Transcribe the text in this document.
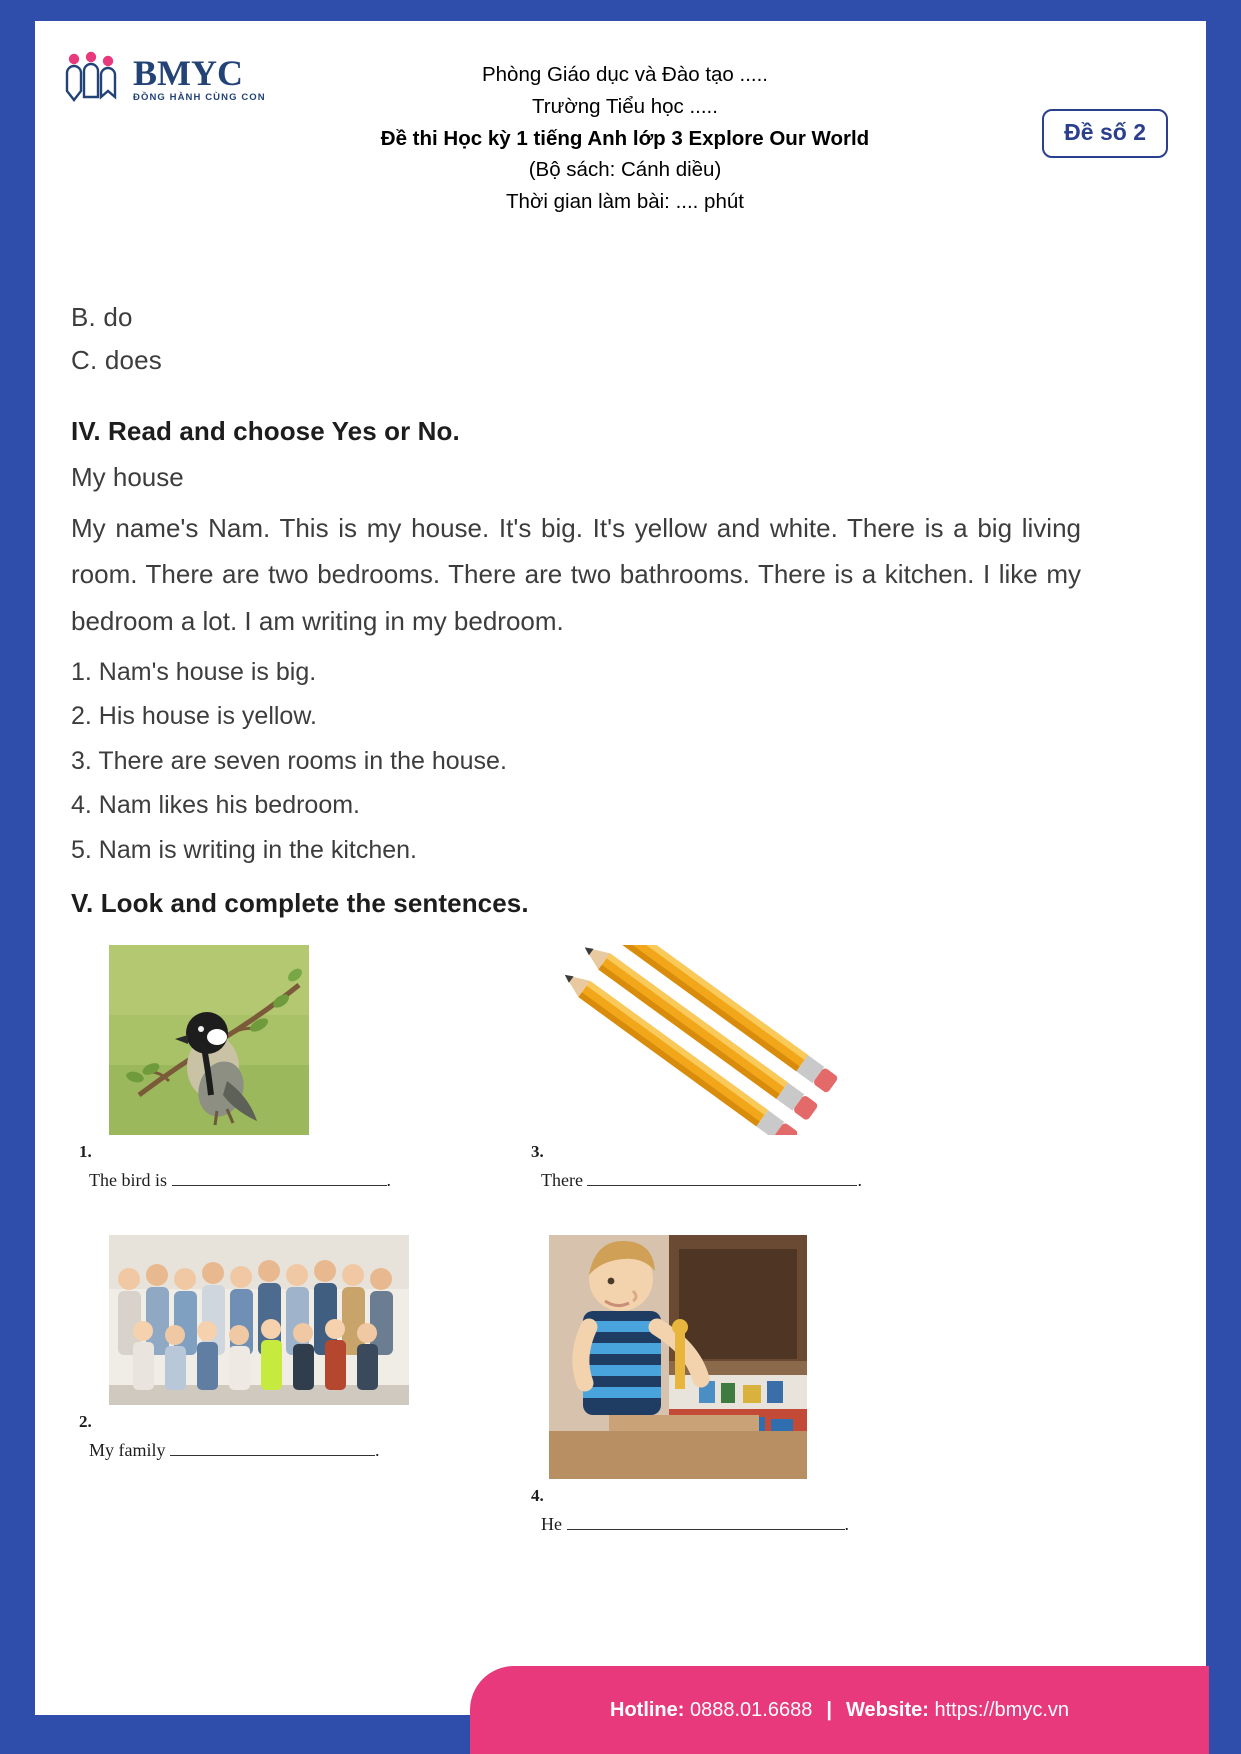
BMYC
ĐỒNG HÀNH CÙNG CON
Phòng Giáo dục và Đào tạo .....
Trường Tiểu học .....
Đề thi Học kỳ 1 tiếng Anh lớp 3 Explore Our World
(Bộ sách: Cánh diều)
Thời gian làm bài: .... phút
Đề số 2
B. do
C. does
IV. Read and choose Yes or No.
My house
My name's Nam. This is my house. It's big. It's yellow and white. There is a big living room. There are two bedrooms. There are two bathrooms. There is a kitchen. I like my bedroom a lot. I am writing in my bedroom.
1. Nam's house is big.
2. His house is yellow.
3. There are seven rooms in the house.
4. Nam likes his bedroom.
5. Nam is writing in the kitchen.
V. Look and complete the sentences.
1.
The bird is	.
3.
There	.
2.
My family	.
4.
He	.
Hotline: 0888.01.6688 | Website: https://bmyc.vn
